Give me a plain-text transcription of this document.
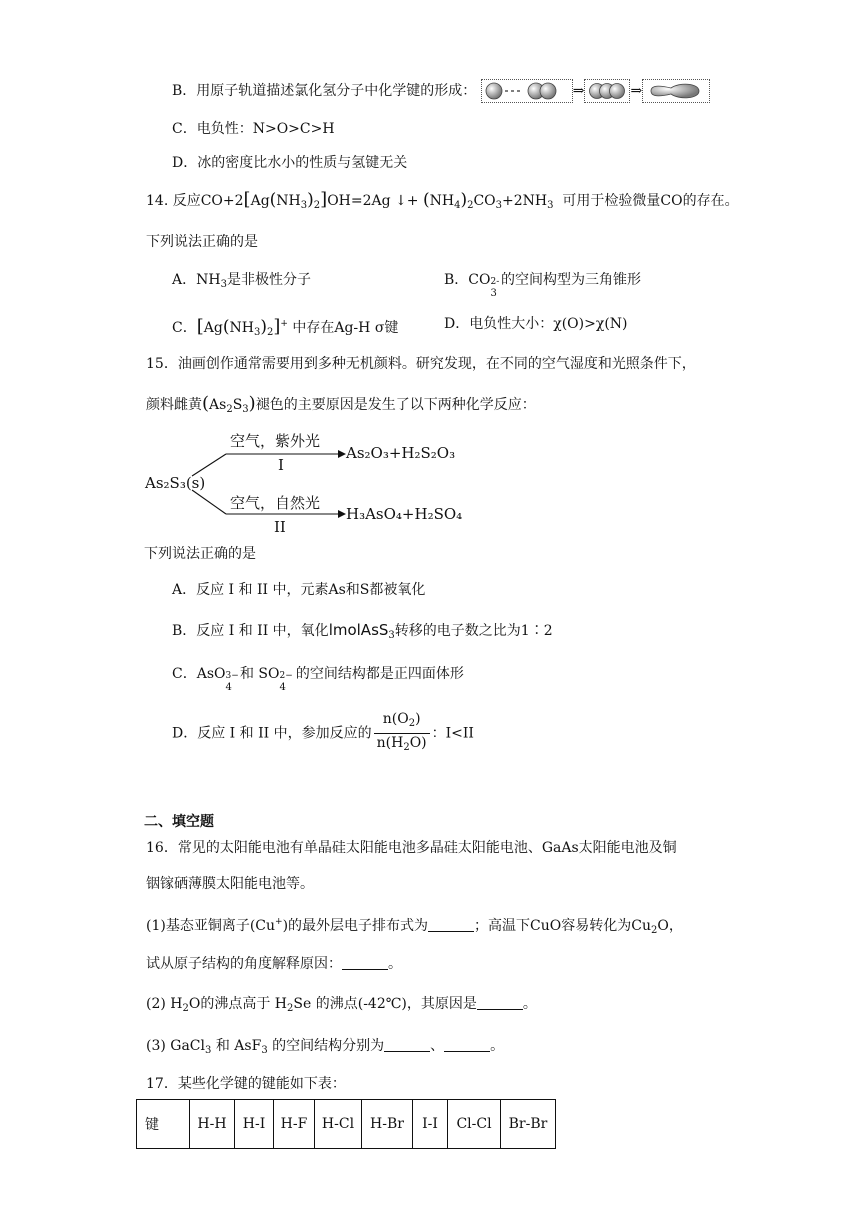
B．用原子轨道描述氯化氢分子中化学键的形成：	⇒	⇒
C．电负性：N>O>C>H
D．冰的密度比水小的性质与氢键无关
14. 反应$CO+2[Ag(NH_3)_2]OH=2Ag$ ↓+ $(NH_4)_2CO_3+2NH_3$ 可用于检验微量CO的存在。
下列说法正确的是
A．$NH_3$是非极性分子	B．CO 2-
3
的空间构型为三角锥形
C．$[Ag(NH_3)_2]^+$ 中存在Ag-H σ键	D．电负性大小：χ(O)>χ(N)
15．油画创作通常需要用到多种无机颜料。研究发现，在不同的空气湿度和光照条件下，
颜料雌黄$(As_2S_3)$褪色的主要原因是发生了以下两种化学反应：
As₂S₃(s)
空气，紫外光
I
As₂O₃+H₂S₂O₃
空气，自然光
II
H₃AsO₄+H₂SO₄
下列说法正确的是
A．反应 I 和 II 中，元素As和S都被氧化
B．反应 I 和 II 中，氧化lmolAsS$_3$转移的电子数之比为1∶2
C．AsO 3−
4
和 SO 2−
4
的空间结构都是正四面体形
D．反应 I 和 II 中，参加反应的 $\frac{n(O_2)}{n(H_2O)}$ ：I<II
二、填空题
16．常见的太阳能电池有单晶硅太阳能电池多晶硅太阳能电池、GaAs太阳能电池及铜
铟镓硒薄膜太阳能电池等。
(1)基态亚铜离子(Cu+)的最外层电子排布式为	；高温下CuO容易转化为$Cu_2O$，
试从原子结构的角度解释原因：	。
(2) $H_2O$的沸点高于 $H_2Se$ 的沸点(-42℃)，其原因是	。
(3) GaCl$_3$ 和 AsF$_3$ 的空间结构分别为	、	。
17．某些化学键的键能如下表：
键	H-H	H-I	H-F	H-Cl	H-Br	I-I	Cl-Cl	Br-Br
